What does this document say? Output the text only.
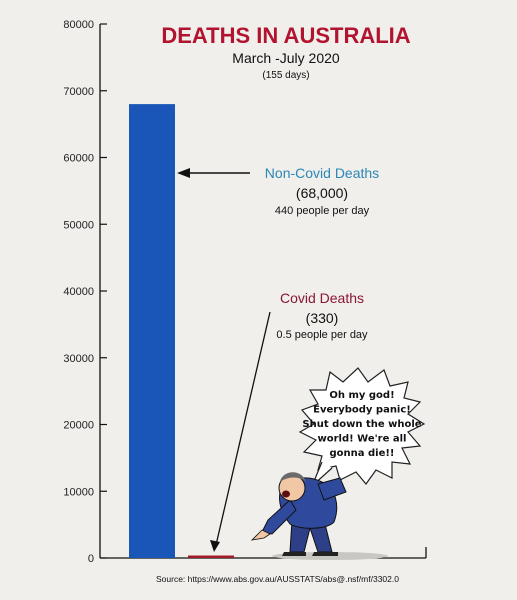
0
10000
20000
30000
40000
50000
60000
70000
80000	DEATHS IN AUSTRALIA
March -July 2020
(155 days)
Non-Covid Deaths
(68,000)
440 people per day
Covid Deaths
(330)
0.5 people per day
Oh my god!
Everybody panic!
Shut down the whole
world! We're all
gonna die!!
Source: https://www.abs.gov.au/AUSSTATS/abs@.nsf/mf/3302.0
